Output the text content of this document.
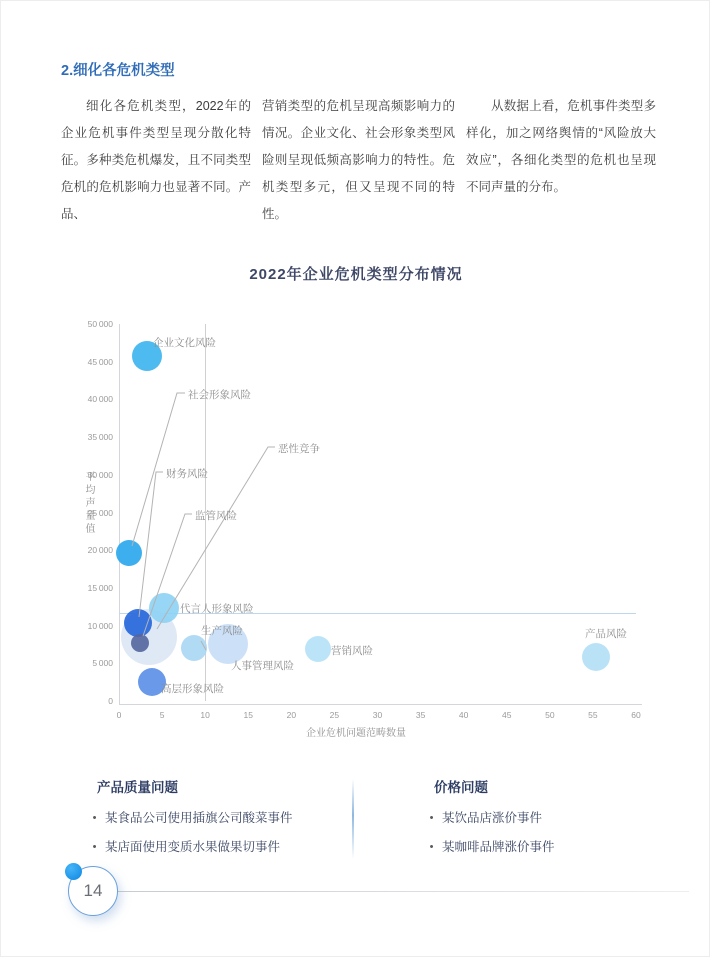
2.细化各危机类型

细化各危机类型，2022年的企业危机事件类型呈现分散化特征。多种类危机爆发，且不同类型危机的危机影响力也显著不同。产品、

营销类型的危机呈现高频影响力的情况。企业文化、社会形象类型风险则呈现低频高影响力的特性。危机类型多元，但又呈现不同的特性。

从数据上看，危机事件类型多样化，加之网络舆情的“风险放大效应”，各细化类型的危机也呈现不同声量的分布。

2022年企业危机类型分布情况
0
5 000
10 000
15 000
20 000
25 000
30 000
35 000
40 000
45 000
50 000
0	5	10	15	20	25	30	35	40	45	50	55	60
平均声量值
企业危机问题范畴数量
企业文化风险
社会形象风险
财务风险
监管风险
恶性竞争
代言人形象风险
生产风险
人事管理风险
营销风险
高层形象风险
产品风险
产品质量问题
• 某食品公司使用插旗公司酸菜事件
• 某店面使用变质水果做果切事件
价格问题
• 某饮品店涨价事件
• 某咖啡品牌涨价事件
14
